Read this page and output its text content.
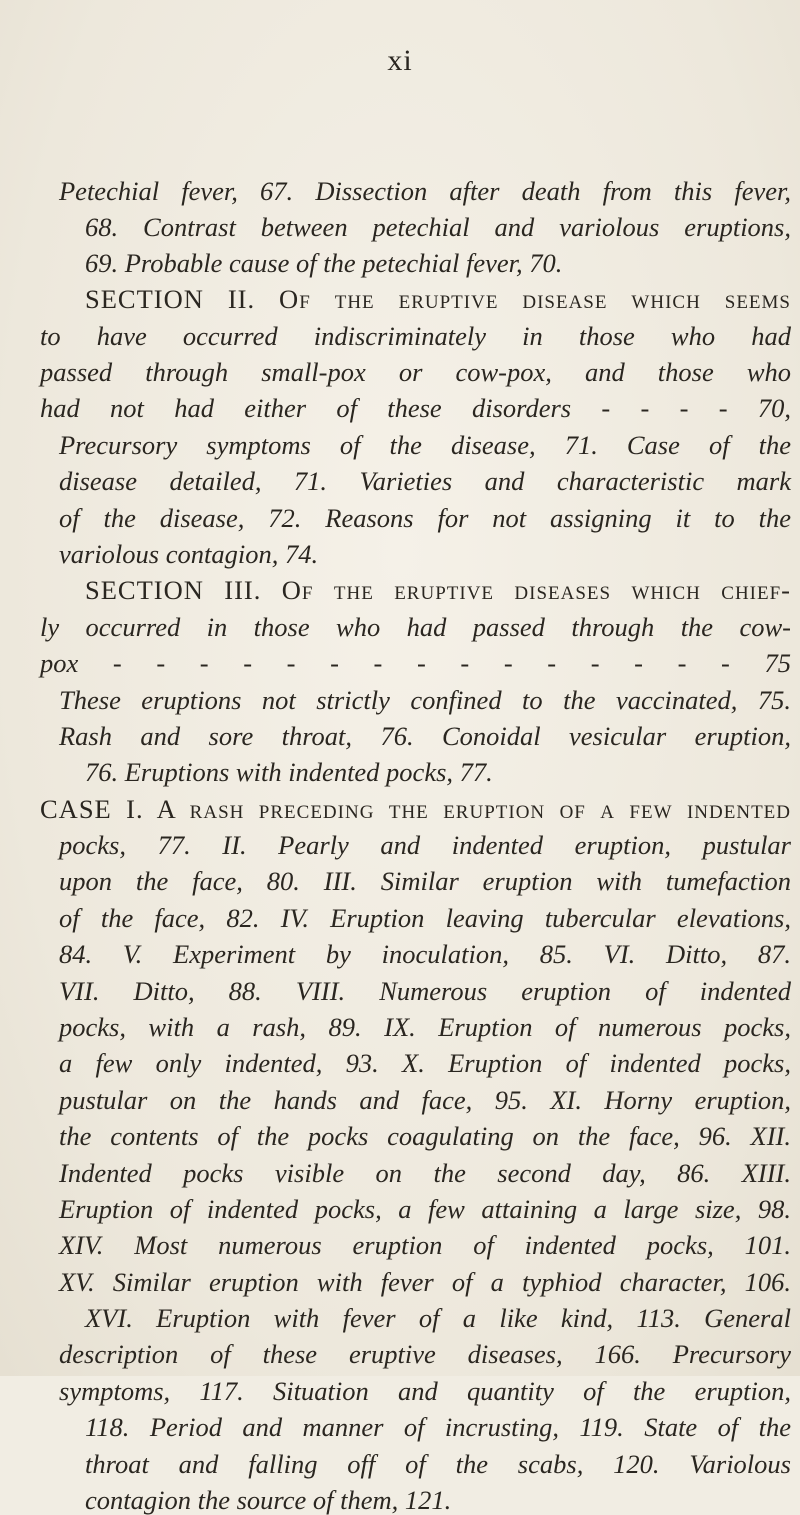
xi
Petechial fever, 67. Dissection after death from this fever,
68. Contrast between petechial and variolous eruptions,
69. Probable cause of the petechial fever, 70.
SECTION II. Of the eruptive disease which seems
to have occurred indiscriminately in those who had
passed through small-pox or cow-pox, and those who
had not had either of these disorders - - - - 70,
Precursory symptoms of the disease, 71. Case of the
disease detailed, 71. Varieties and characteristic mark
of the disease, 72. Reasons for not assigning it to the
variolous contagion, 74.
SECTION III. Of the eruptive diseases which chief-
ly occurred in those who had passed through the cow-
pox - - - - - - - - - - - - - - - 75
These eruptions not strictly confined to the vaccinated, 75.
Rash and sore throat, 76. Conoidal vesicular eruption,
76. Eruptions with indented pocks, 77.
CASE I. A rash preceding the eruption of a few indented
pocks, 77. II. Pearly and indented eruption, pustular
upon the face, 80. III. Similar eruption with tumefaction
of the face, 82. IV. Eruption leaving tubercular elevations,
84. V. Experiment by inoculation, 85. VI. Ditto, 87.
VII. Ditto, 88. VIII. Numerous eruption of indented
pocks, with a rash, 89. IX. Eruption of numerous pocks,
a few only indented, 93. X. Eruption of indented pocks,
pustular on the hands and face, 95. XI. Horny eruption,
the contents of the pocks coagulating on the face, 96. XII.
Indented pocks visible on the second day, 86. XIII.
Eruption of indented pocks, a few attaining a large size, 98.
XIV. Most numerous eruption of indented pocks, 101.
XV. Similar eruption with fever of a typhiod character, 106.
XVI. Eruption with fever of a like kind, 113. General
description of these eruptive diseases, 166. Precursory
symptoms, 117. Situation and quantity of the eruption,
118. Period and manner of incrusting, 119. State of the
throat and falling off of the scabs, 120. Variolous
contagion the source of them, 121.
